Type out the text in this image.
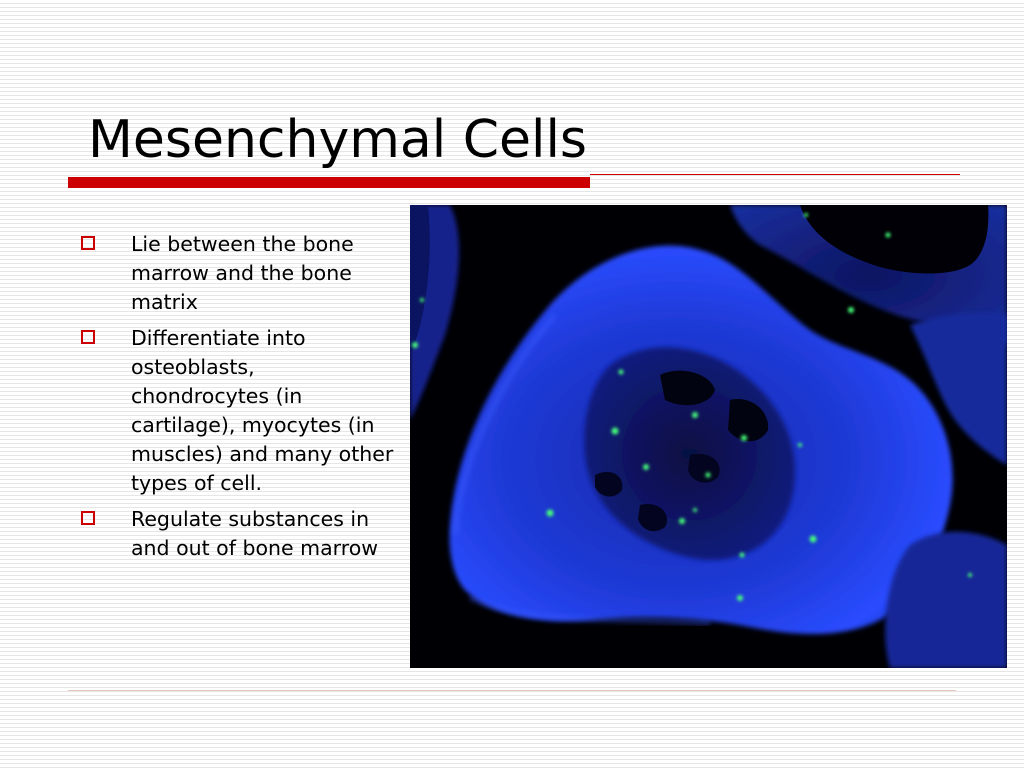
Mesenchymal Cells
Lie between the bone marrow and the bone matrix
Differentiate into osteoblasts, chondrocytes (in cartilage), myocytes (in muscles) and many other types of cell.
Regulate substances in and out of bone marrow
